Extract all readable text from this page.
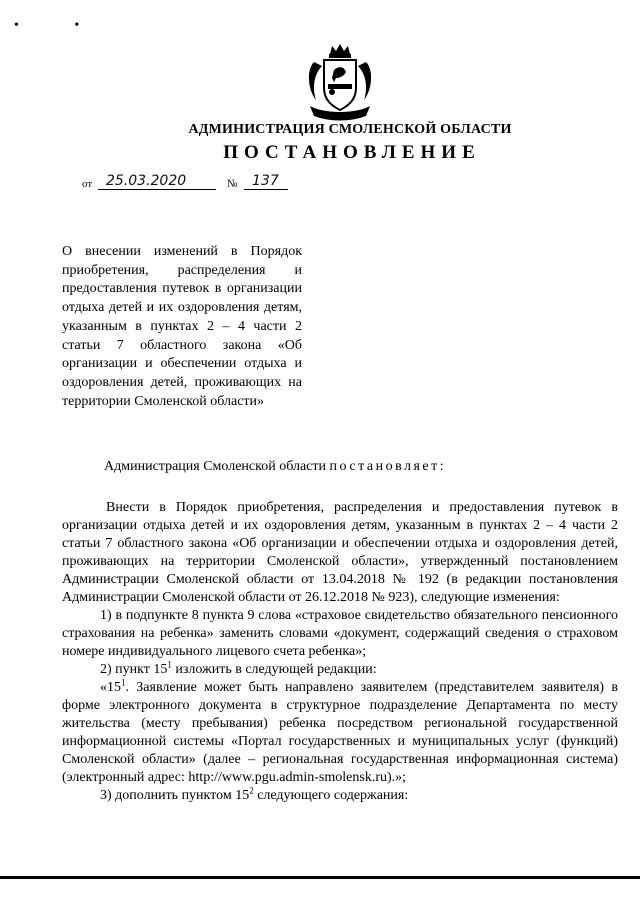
• •
АДМИНИСТРАЦИЯ СМОЛЕНСКОЙ ОБЛАСТИ
ПОСТАНОВЛЕНИЕ
от 25.03.2020	№ 137
О внесении изменений в Порядок приобретения, распределения и предоставления путевок в организации отдыха детей и их оздоровления детям, указанным в пунктах 2 – 4 части 2 статьи 7 областного закона «Об организации и обеспечении отдыха и оздоровления детей, проживающих на территории Смоленской области»
Администрация Смоленской области постановляет:

Внести в Порядок приобретения, распределения и предоставления путевок в организации отдыха детей и их оздоровления детям, указанным в пунктах 2 – 4 части 2 статьи 7 областного закона «Об организации и обеспечении отдыха и оздоровления детей, проживающих на территории Смоленской области», утвержденный постановлением Администрации Смоленской области от 13.04.2018 № 192 (в редакции постановления Администрации Смоленской области от 26.12.2018 № 923), следующие изменения:

1) в подпункте 8 пункта 9 слова «страховое свидетельство обязательного пенсионного страхования на ребенка» заменить словами «документ, содержащий сведения о страховом номере индивидуального лицевого счета ребенка»;

2) пункт $15^1$ изложить в следующей редакции:

«$15^1$. Заявление может быть направлено заявителем (представителем заявителя) в форме электронного документа в структурное подразделение Департамента по месту жительства (месту пребывания) ребенка посредством региональной государственной информационной системы «Портал государственных и муниципальных услуг (функций) Смоленской области» (далее – региональная государственная информационная система) (электронный адрес: http://www.pgu.admin-smolensk.ru).»;

3) дополнить пунктом $15^2$ следующего содержания:
